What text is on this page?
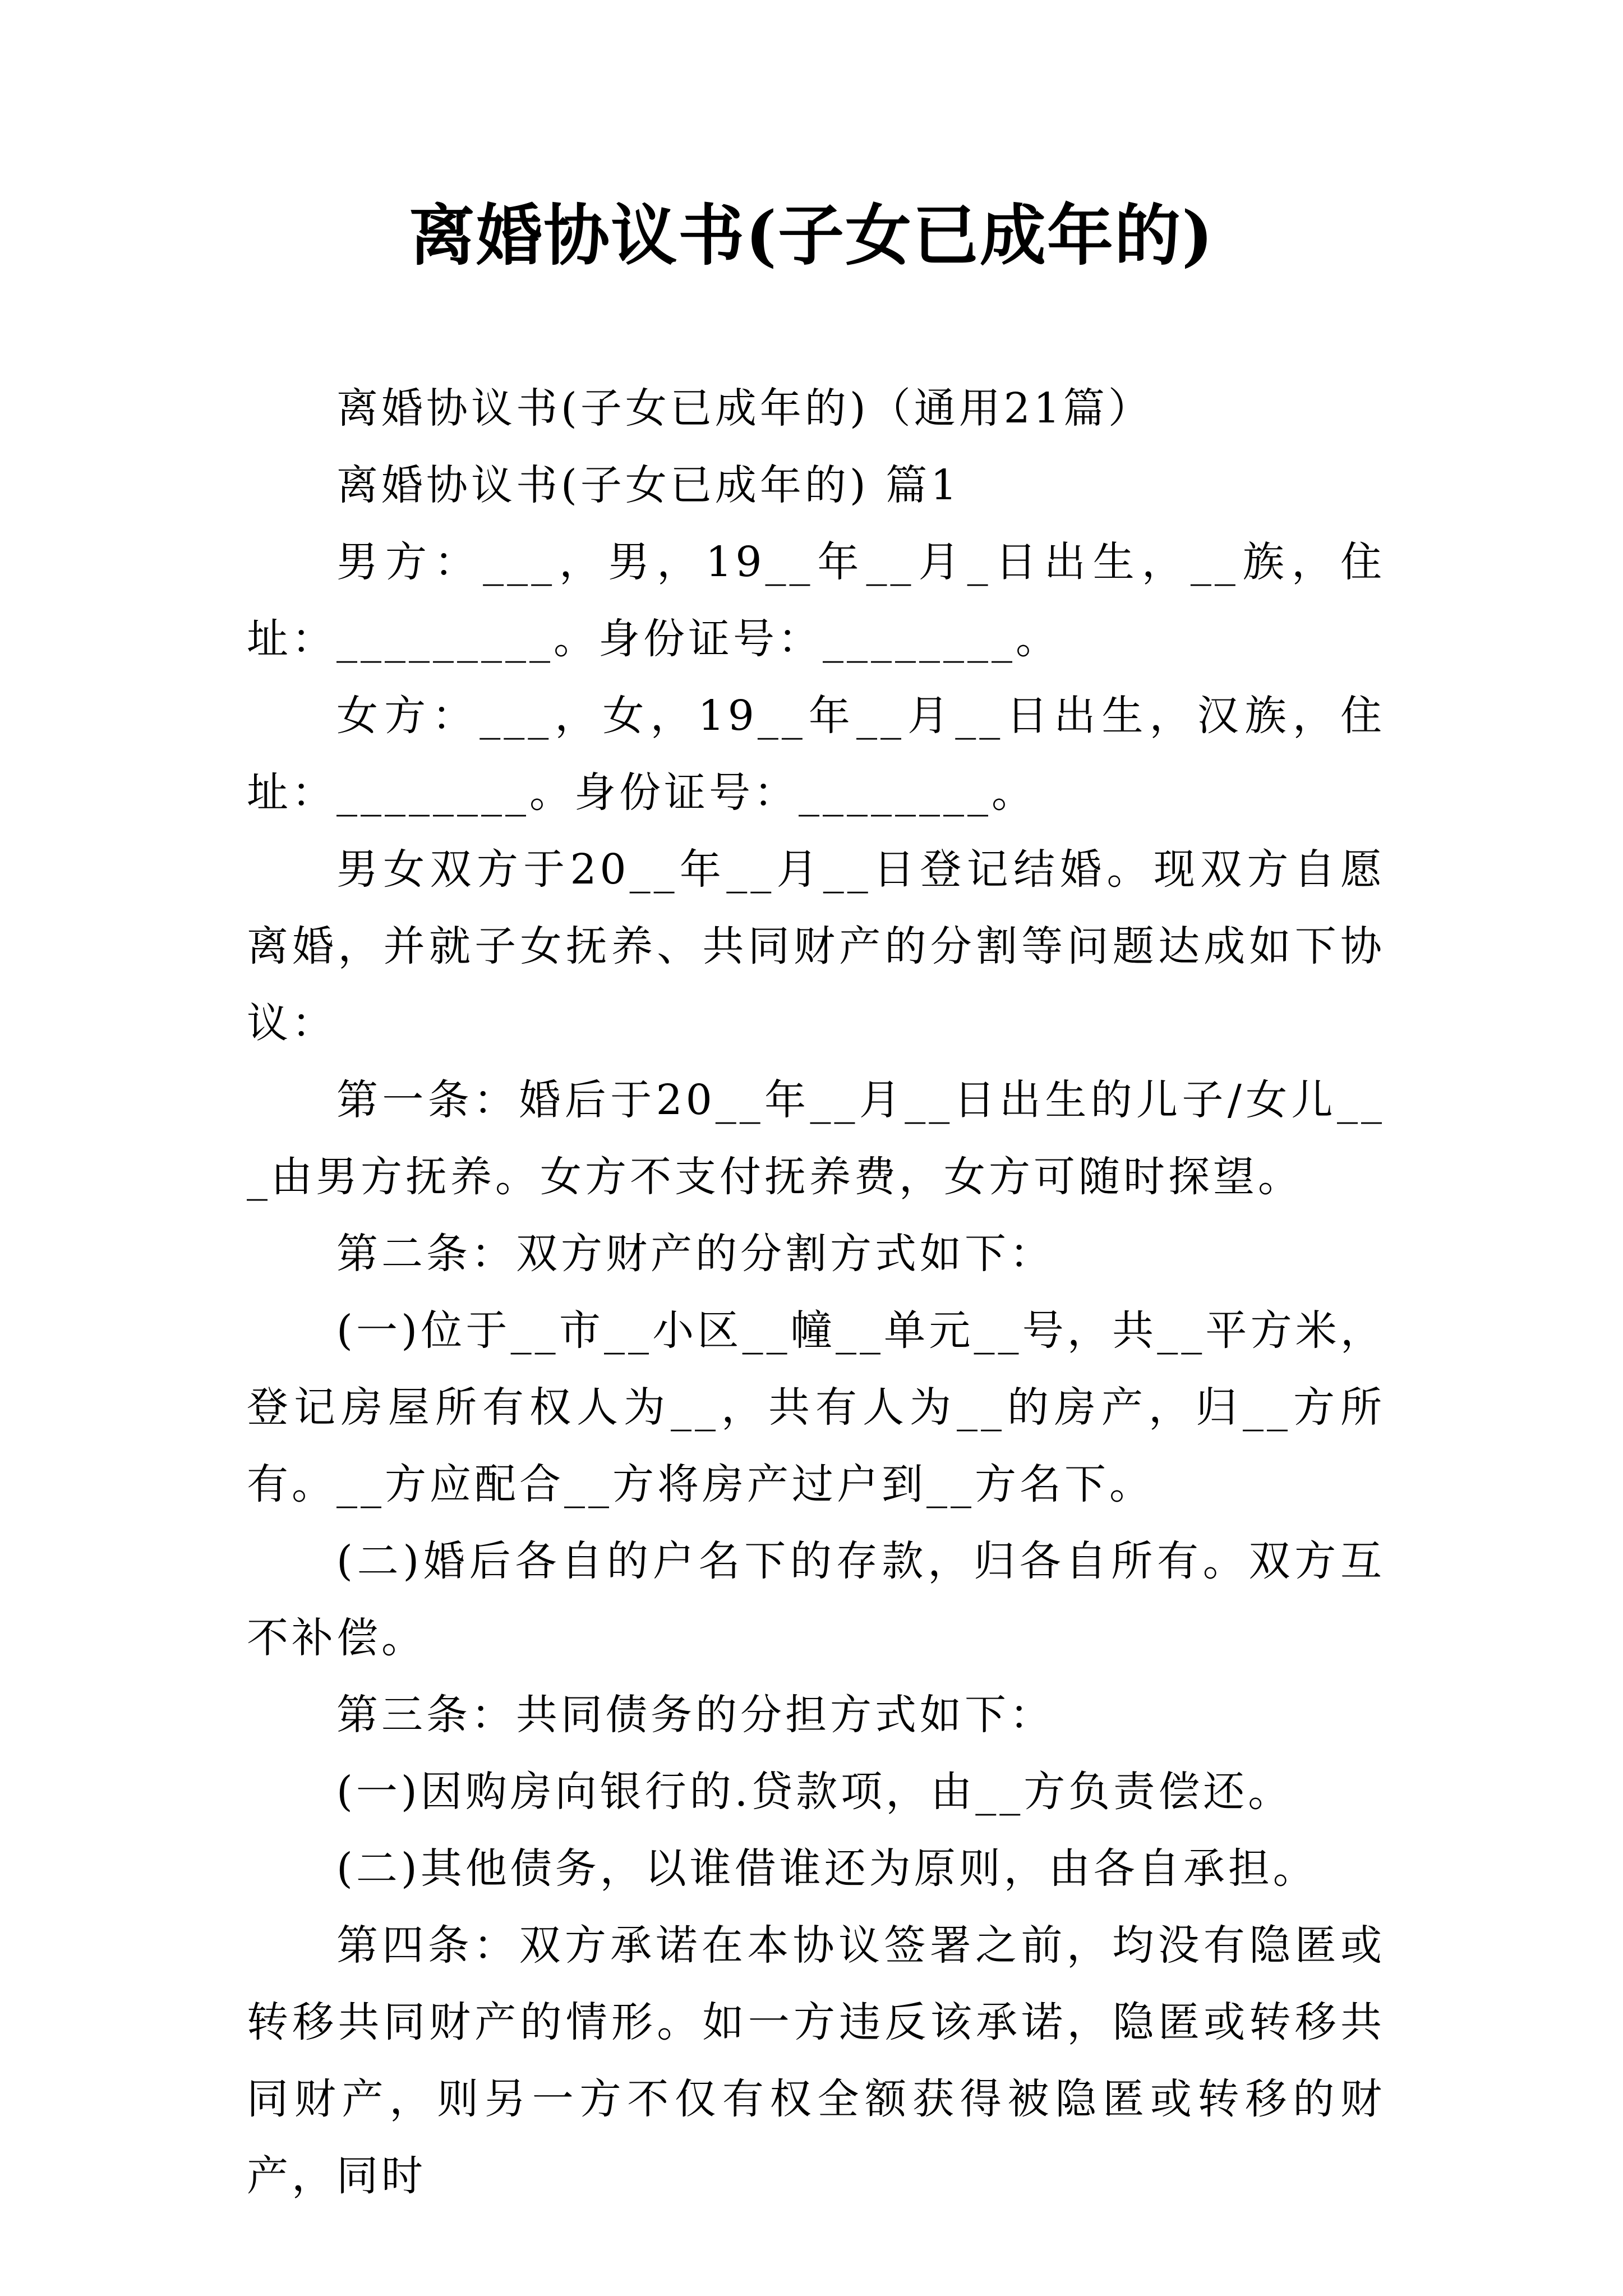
离婚协议书(子女已成年的)

离婚协议书(子女已成年的)（通用21篇）

离婚协议书(子女已成年的) 篇1

男方：___，男，19__年__月_日出生，__族，住址：_________。身份证号：________。

女方：___，女，19__年__月__日出生，汉族，住址：________。身份证号：________。

男女双方于20__年__月__日登记结婚。现双方自愿离婚，并就子女抚养、共同财产的分割等问题达成如下协议：

第一条：婚后于20__年__月__日出生的儿子/女儿___由男方抚养。女方不支付抚养费，女方可随时探望。

第二条：双方财产的分割方式如下：

(一)位于__市__小区__幢__单元__号，共__平方米，登记房屋所有权人为__，共有人为__的房产，归__方所有。__方应配合__方将房产过户到__方名下。

(二)婚后各自的户名下的存款，归各自所有。双方互不补偿。

第三条：共同债务的分担方式如下：

(一)因购房向银行的.贷款项，由__方负责偿还。

(二)其他债务，以谁借谁还为原则，由各自承担。

第四条：双方承诺在本协议签署之前，均没有隐匿或转移共同财产的情形。如一方违反该承诺，隐匿或转移共同财产，则另一方不仅有权全额获得被隐匿或转移的财产，同时
